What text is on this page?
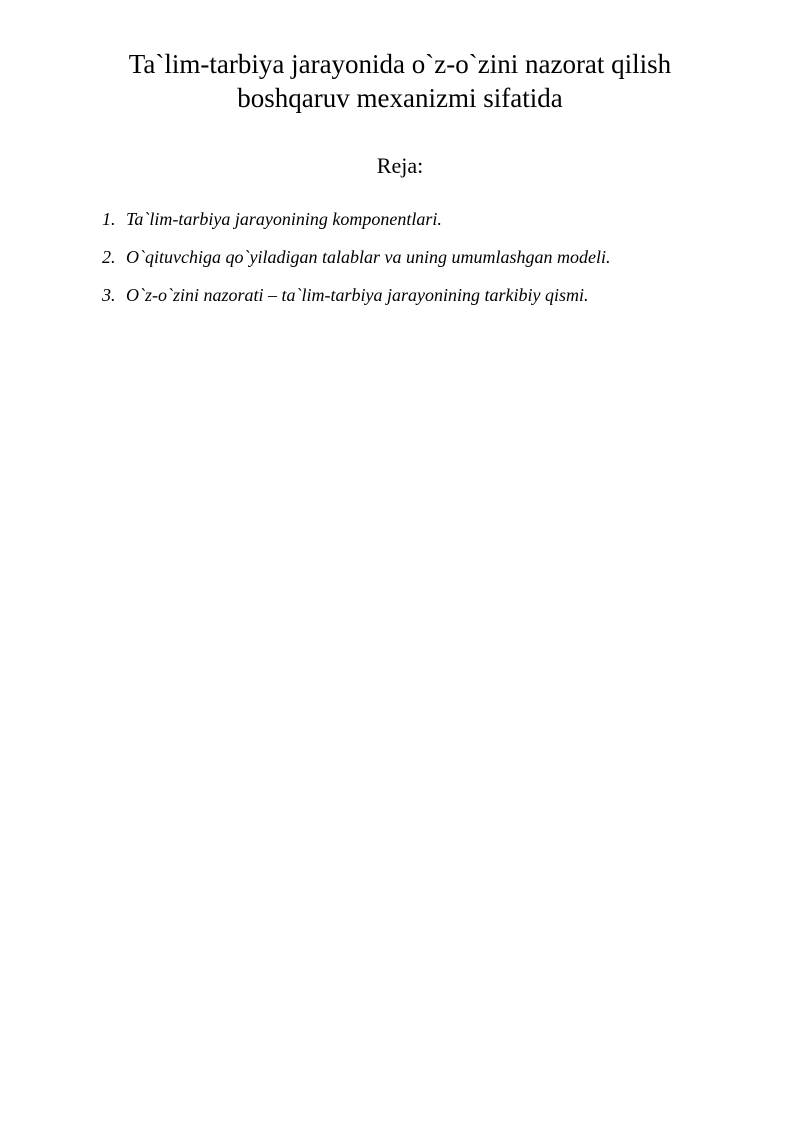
Ta`lim-tarbiya jarayonida o`z-o`zini nazorat qilish
boshqaruv mexanizmi sifatida
Reja:
1. Ta`lim-tarbiya jarayonining komponentlari.
2. O`qituvchiga qo`yiladigan talablar va uning umumlashgan modeli.
3. O`z-o`zini nazorati – ta`lim-tarbiya jarayonining tarkibiy qismi.
